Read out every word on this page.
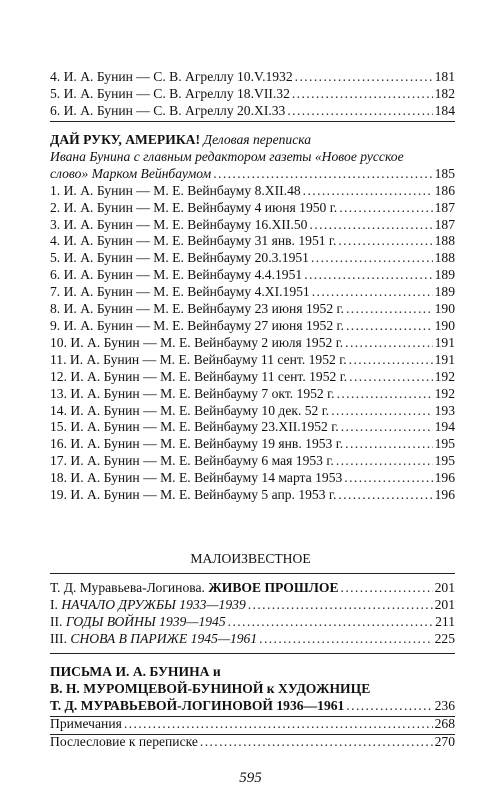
4. И. А. Бунин — С. В. Агреллу 10.V.1932 .....	181
5. И. А. Бунин — С. В. Агреллу 18.VII.32 .....	182
6. И. А. Бунин — С. В. Агреллу 20.XI.33 .....	184
ДАЙ РУКУ, АМЕРИКА! Деловая переписка
Ивана Бунина с главным редактором газеты «Новое русское
слово» Марком Вейнбаумом .....	185
1. И. А. Бунин — М. Е. Вейнбауму 8.XII.48 .....	186
2. И. А. Бунин — М. Е. Вейнбауму 4 июня 1950 г. .....	187
3. И. А. Бунин — М. Е. Вейнбауму 16.XII.50 .....	187
4. И. А. Бунин — М. Е. Вейнбауму 31 янв. 1951 г. .....	188
5. И. А. Бунин — М. Е. Вейнбауму 20.3.1951 .....	188
6. И. А. Бунин — М. Е. Вейнбауму 4.4.1951 .....	189
7. И. А. Бунин — М. Е. Вейнбауму 4.XI.1951 .....	189
8. И. А. Бунин — М. Е. Вейнбауму 23 июня 1952 г. .....	190
9. И. А. Бунин — М. Е. Вейнбауму 27 июня 1952 г. .....	190
10. И. А. Бунин — М. Е. Вейнбауму 2 июля 1952 г. .....	191
11. И. А. Бунин — М. Е. Вейнбауму 11 сент. 1952 г. .....	191
12. И. А. Бунин — М. Е. Вейнбауму 11 сент. 1952 г. .....	192
13. И. А. Бунин — М. Е. Вейнбауму 7 окт. 1952 г. .....	192
14. И. А. Бунин — М. Е. Вейнбауму 10 дек. 52 г. .....	193
15. И. А. Бунин — М. Е. Вейнбауму 23.XII.1952 г. .....	194
16. И. А. Бунин — М. Е. Вейнбауму 19 янв. 1953 г. .....	195
17. И. А. Бунин — М. Е. Вейнбауму 6 мая 1953 г. .....	195
18. И. А. Бунин — М. Е. Вейнбауму 14 марта 1953 .....	196
19. И. А. Бунин — М. Е. Вейнбауму 5 апр. 1953 г. .....	196
МАЛОИЗВЕСТНОЕ
Т. Д. Муравьева-Логинова. ЖИВОЕ ПРОШЛОЕ .....	201
I. НАЧАЛО ДРУЖБЫ 1933—1939 .....	201
II. ГОДЫ ВОЙНЫ 1939—1945 .....	211
III. СНОВА В ПАРИЖЕ 1945—1961 .....	225
ПИСЬМА И. А. БУНИНА и
В. Н. МУРОМЦЕВОЙ-БУНИНОЙ к ХУДОЖНИЦЕ
Т. Д. МУРАВЬЕВОЙ-ЛОГИНОВОЙ 1936—1961 .....	236
Примечания .....	268
Послесловие к переписке .....	270
595
